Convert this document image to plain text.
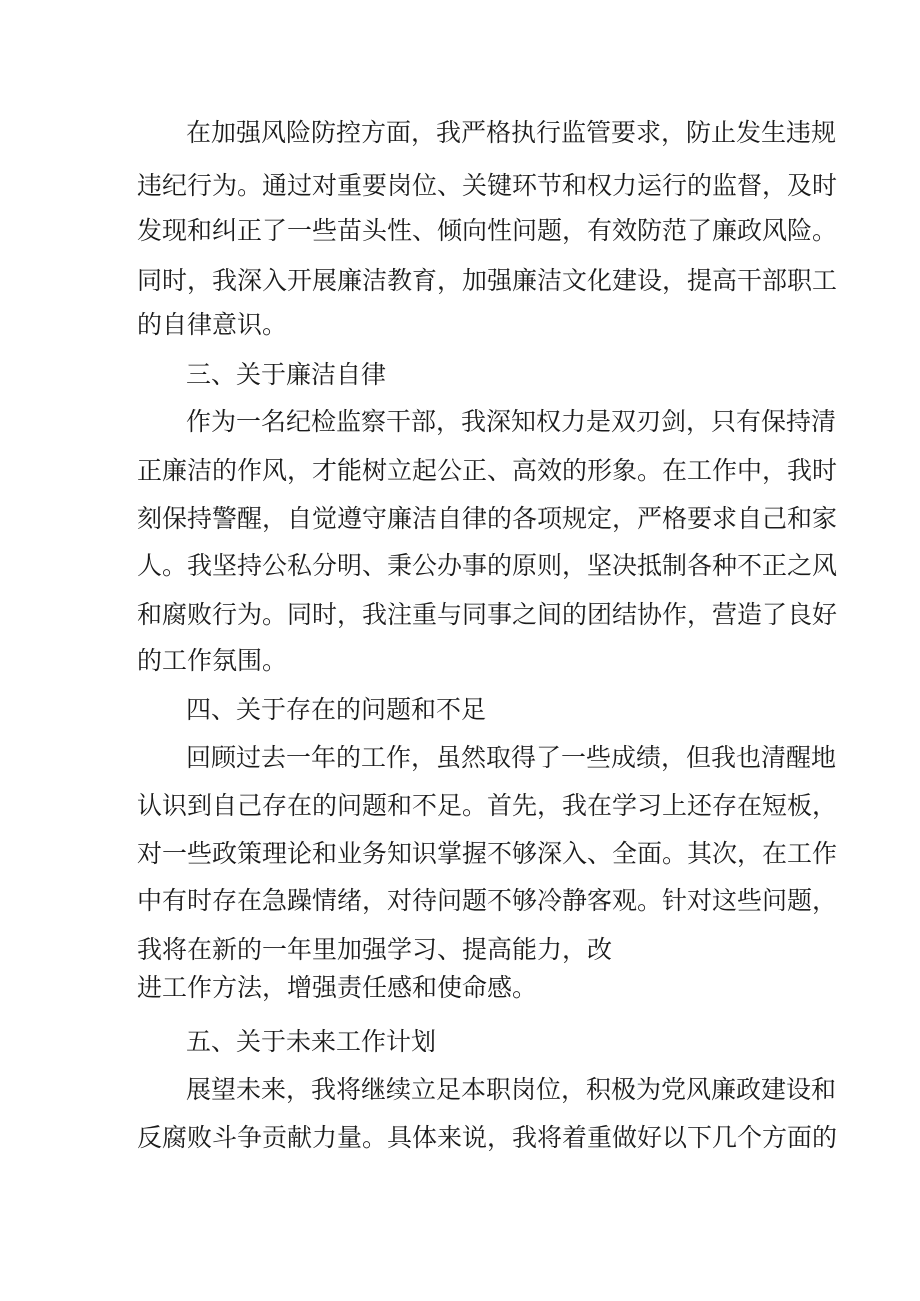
在加强风险防控方面，我严格执行监管要求，防止发生违规
违纪行为。通过对重要岗位、关键环节和权力运行的监督，及时
发现和纠正了一些苗头性、倾向性问题，有效防范了廉政风险。
同时，我深入开展廉洁教育，加强廉洁文化建设，提高干部职工
的自律意识。
三、关于廉洁自律
作为一名纪检监察干部，我深知权力是双刃剑，只有保持清
正廉洁的作风，才能树立起公正、高效的形象。在工作中，我时
刻保持警醒，自觉遵守廉洁自律的各项规定，严格要求自己和家
人。我坚持公私分明、秉公办事的原则，坚决抵制各种不正之风
和腐败行为。同时，我注重与同事之间的团结协作，营造了良好
的工作氛围。
四、关于存在的问题和不足
回顾过去一年的工作，虽然取得了一些成绩，但我也清醒地
认识到自己存在的问题和不足。首先，我在学习上还存在短板，
对一些政策理论和业务知识掌握不够深入、全面。其次，在工作
中有时存在急躁情绪，对待问题不够冷静客观。针对这些问题，
我将在新的一年里加强学习、提高能力，改
进工作方法，增强责任感和使命感。
五、关于未来工作计划
展望未来，我将继续立足本职岗位，积极为党风廉政建设和
反腐败斗争贡献力量。具体来说，我将着重做好以下几个方面的
